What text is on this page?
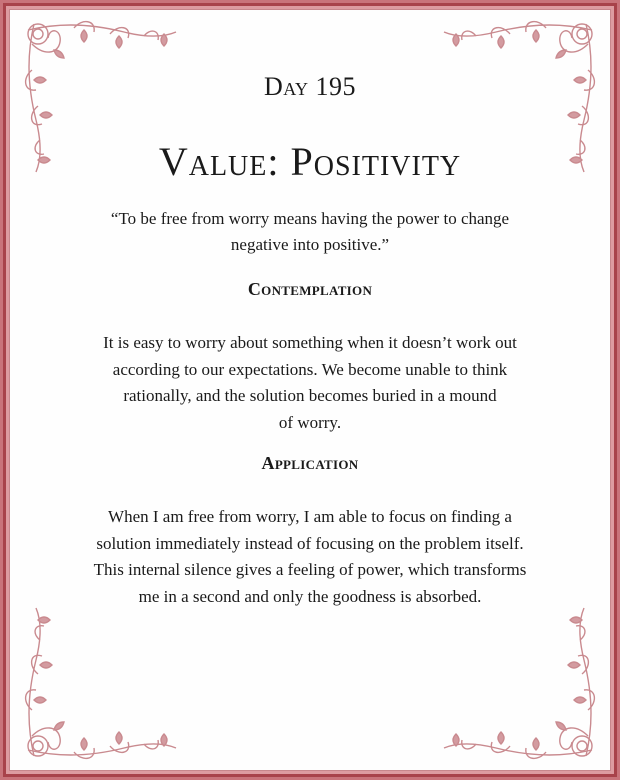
Day 195
Value: Positivity
“To be free from worry means having the power to change
negative into positive.”
Contemplation
It is easy to worry about something when it doesn’t work out
according to our expectations. We become unable to think
rationally, and the solution becomes buried in a mound
of worry.
Application
When I am free from worry, I am able to focus on finding a
solution immediately instead of focusing on the problem itself.
This internal silence gives a feeling of power, which transforms
me in a second and only the goodness is absorbed.
